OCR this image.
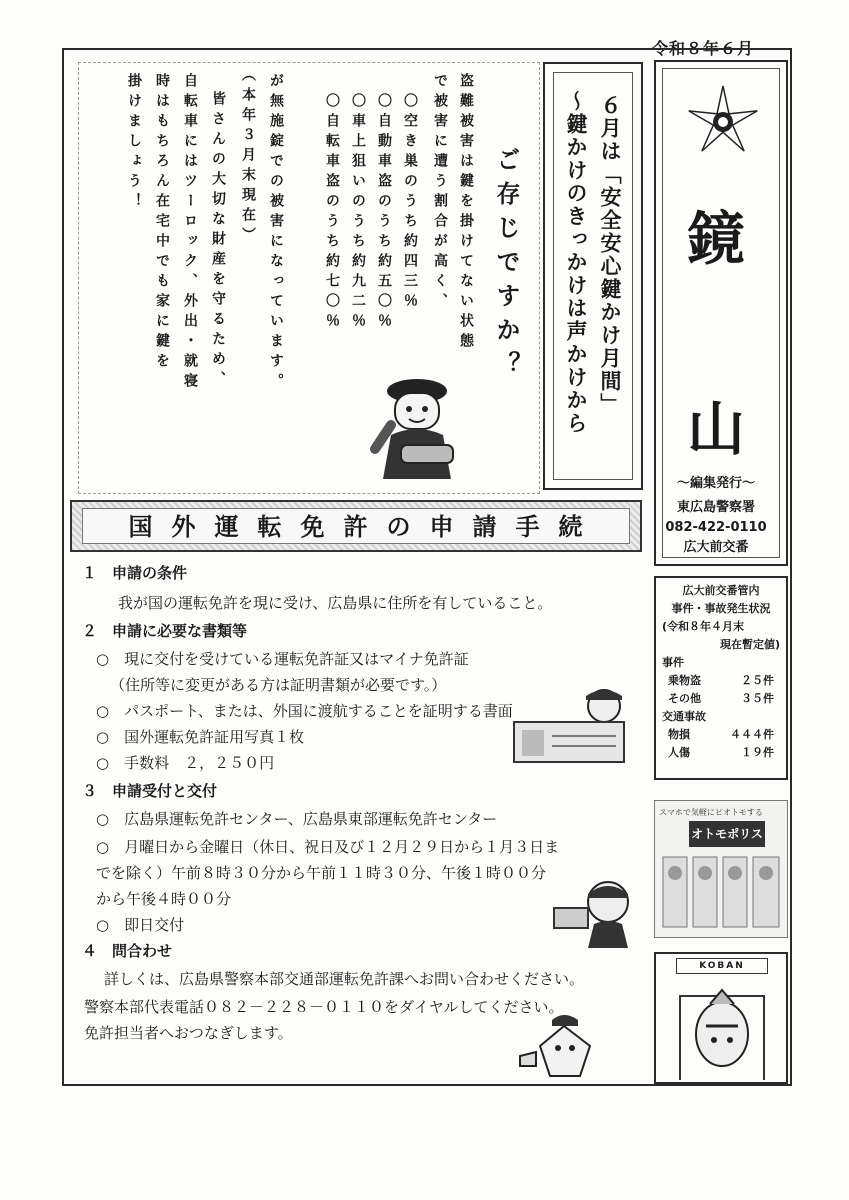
令和８年６月
ご存じですか？
盗難被害は鍵を掛けてない状態
で被害に遭う割合が高く、
〇空き巣のうち約四三％
〇自動車盗のうち約五〇％
〇車上狙いのうち約九二％
〇自転車盗のうち約七〇％
が無施錠での被害になっています。
（本年３月末現在）
皆さんの大切な財産を守るため、
自転車にはツーロック、外出・就寝
時はもちろん在宅中でも家に鍵を
掛けましょう！	６月は「安全安心鍵かけ月間」
～鍵かけのきっかけは声かけから	鏡
山
～編集発行～
東広島警察署
082-422-0110
広大前交番
広大前交番管内
事件・事故発生状況
(令和８年４月末
現在暫定値)
事件
乗物盗	２５件
その他	３５件
交通事故
物損	４４４件
人傷	１９件
スマホで気軽にピオトモする
オトモポリス
KOBAN
国外運転免許の申請手続
１　申請の条件
我が国の運転免許を現に受け、広島県に住所を有していること。
２　申請に必要な書類等
○　現に交付を受けている運転免許証又はマイナ免許証
（住所等に変更がある方は証明書類が必要です。）
○　パスポート、または、外国に渡航することを証明する書面
○　国外運転免許証用写真１枚
○　手数料　２，２５０円
３　申請受付と交付
○　広島県運転免許センター、広島県東部運転免許センター
○　月曜日から金曜日（休日、祝日及び１２月２９日から１月３日ま
でを除く）午前８時３０分から午前１１時３０分、午後１時００分
から午後４時００分
○　即日交付
４　問合わせ
詳しくは、広島県警察本部交通部運転免許課へお問い合わせください。
警察本部代表電話０８２－２２８－０１１０をダイヤルしてください。
免許担当者へおつなぎします。
